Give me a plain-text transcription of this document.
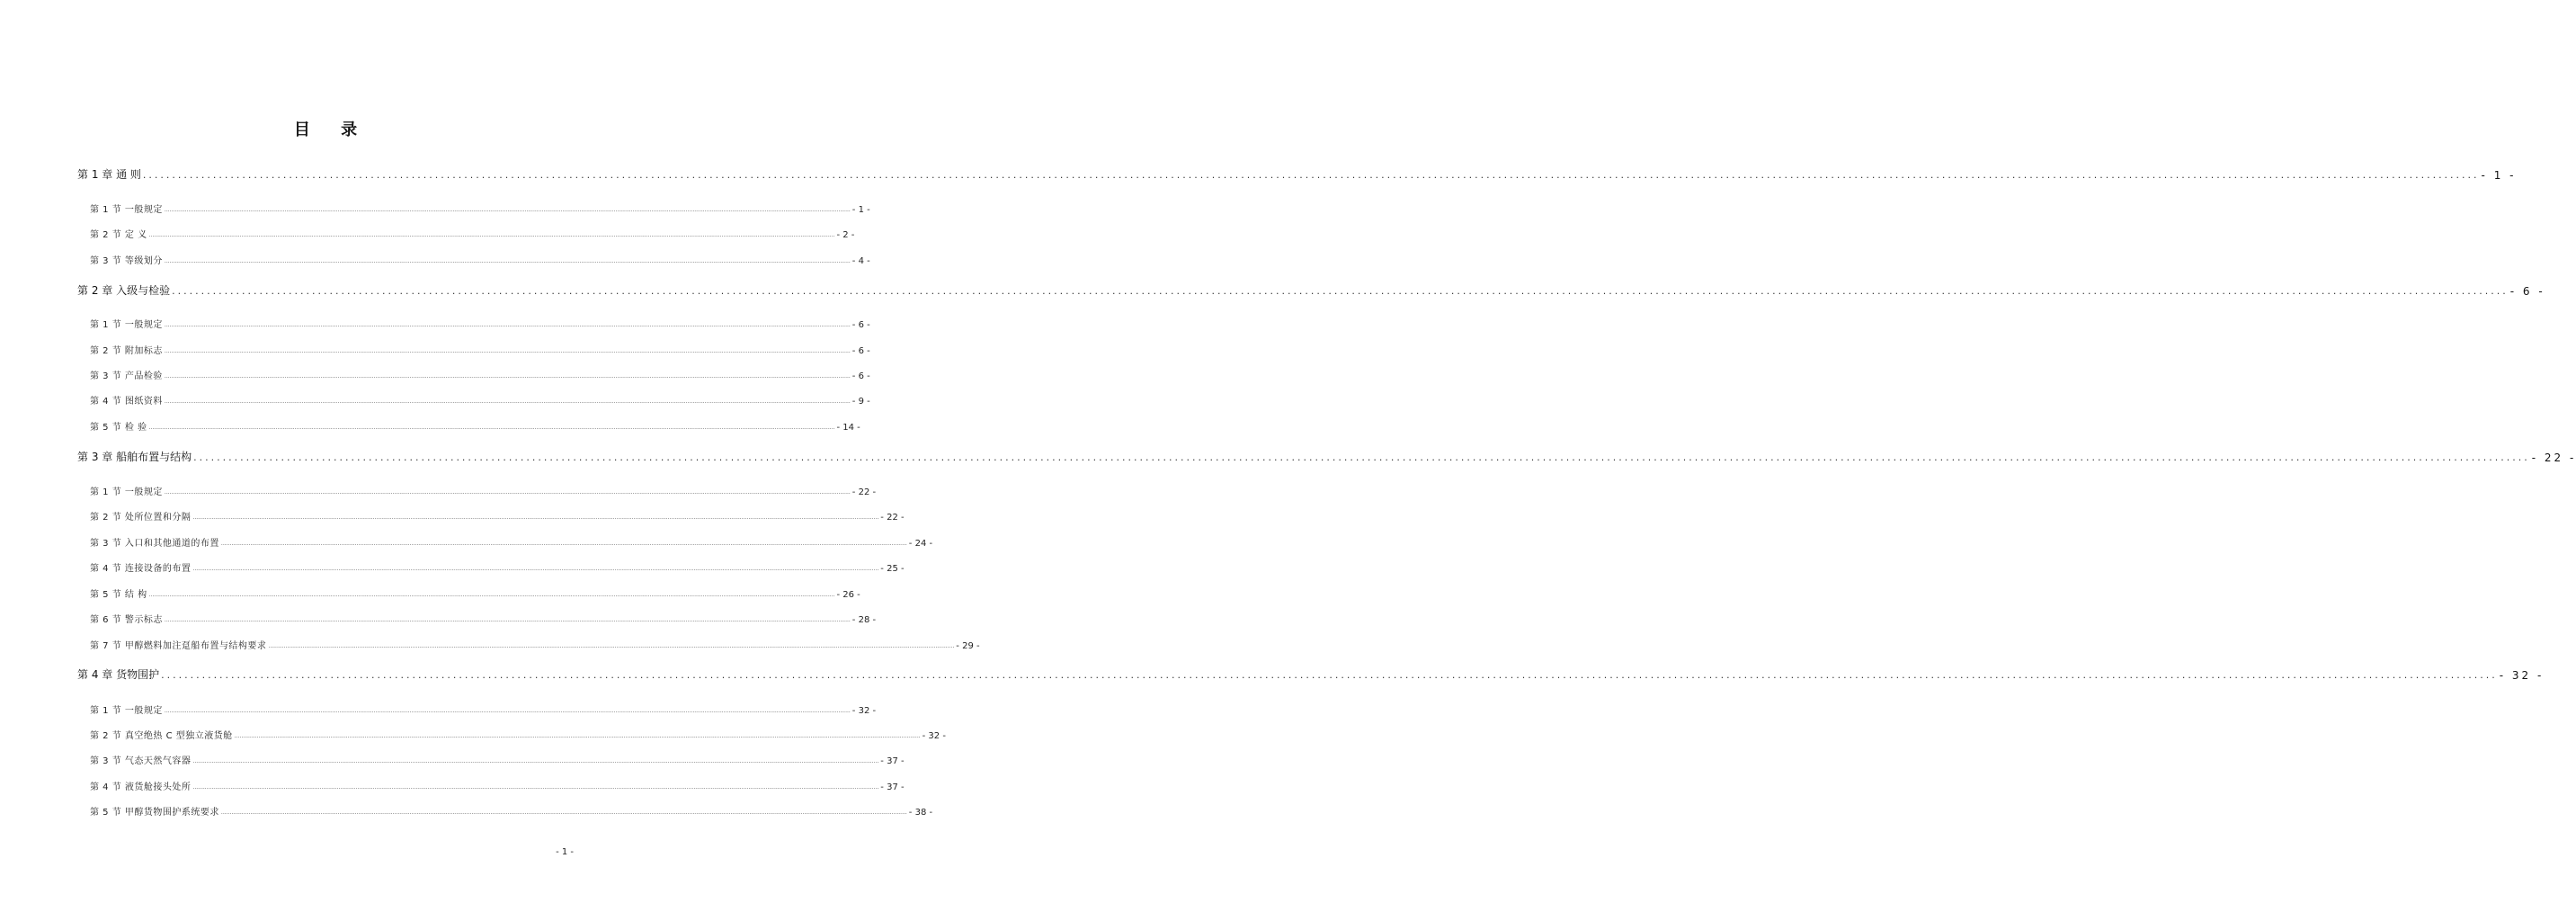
目 录
第 1 章 通 则 ................................................................................................................................................................................................................................................................................................................................................................................................................ - 1 -
第 1 节 一般规定 ................................................................................................................................................................................................................................................................................................................................................................................................................ - 1 -
第 2 节 定 义 ................................................................................................................................................................................................................................................................................................................................................................................................................ - 2 -
第 3 节 等级划分 ................................................................................................................................................................................................................................................................................................................................................................................................................ - 4 -
第 2 章 入级与检验 ................................................................................................................................................................................................................................................................................................................................................................................................................ - 6 -
第 1 节 一般规定 ................................................................................................................................................................................................................................................................................................................................................................................................................ - 6 -
第 2 节 附加标志 ................................................................................................................................................................................................................................................................................................................................................................................................................ - 6 -
第 3 节 产品检验 ................................................................................................................................................................................................................................................................................................................................................................................................................ - 6 -
第 4 节 图纸资料 ................................................................................................................................................................................................................................................................................................................................................................................................................ - 9 -
第 5 节 检 验 ................................................................................................................................................................................................................................................................................................................................................................................................................ - 14 -
第 3 章 船舶布置与结构 ................................................................................................................................................................................................................................................................................................................................................................................................................ - 22 -
第 1 节 一般规定 ................................................................................................................................................................................................................................................................................................................................................................................................................ - 22 -
第 2 节 处所位置和分隔 ................................................................................................................................................................................................................................................................................................................................................................................................................ - 22 -
第 3 节 入口和其他通道的布置 ................................................................................................................................................................................................................................................................................................................................................................................................................ - 24 -
第 4 节 连接设备的布置 ................................................................................................................................................................................................................................................................................................................................................................................................................ - 25 -
第 5 节 结 构 ................................................................................................................................................................................................................................................................................................................................................................................................................ - 26 -
第 6 节 警示标志 ................................................................................................................................................................................................................................................................................................................................................................................................................ - 28 -
第 7 节 甲醇燃料加注趸船布置与结构要求 ................................................................................................................................................................................................................................................................................................................................................................................................................ - 29 -
第 4 章 货物围护 ................................................................................................................................................................................................................................................................................................................................................................................................................ - 32 -
第 1 节 一般规定 ................................................................................................................................................................................................................................................................................................................................................................................................................ - 32 -
第 2 节 真空绝热 C 型独立液货舱 ................................................................................................................................................................................................................................................................................................................................................................................................................ - 32 -
第 3 节 气态天然气容器 ................................................................................................................................................................................................................................................................................................................................................................................................................ - 37 -
第 4 节 液货舱接头处所 ................................................................................................................................................................................................................................................................................................................................................................................................................ - 37 -
第 5 节 甲醇货物围护系统要求 ................................................................................................................................................................................................................................................................................................................................................................................................................ - 38 -
- 1 -
